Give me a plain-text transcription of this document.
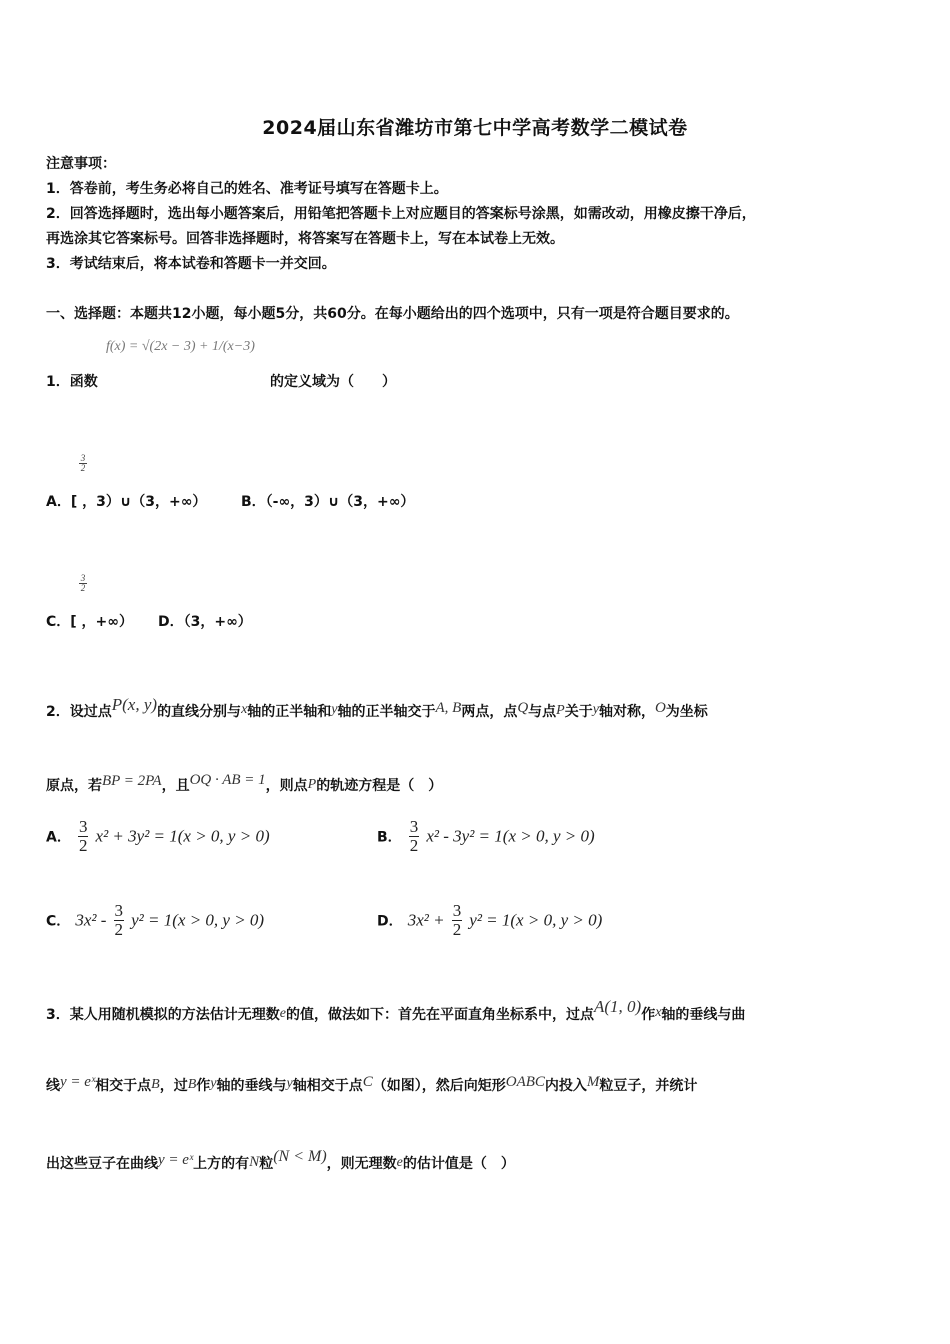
2024届山东省潍坊市第七中学高考数学二模试卷
注意事项：
1．答卷前，考生务必将自己的姓名、准考证号填写在答题卡上。
2．回答选择题时，选出每小题答案后，用铅笔把答题卡上对应题目的答案标号涂黑，如需改动，用橡皮擦干净后，
再选涂其它答案标号。回答非选择题时，将答案写在答题卡上，写在本试卷上无效。
3．考试结束后，将本试卷和答题卡一并交回。
一、选择题：本题共12小题，每小题5分，共60分。在每小题给出的四个选项中，只有一项是符合题目要求的。
f(x) = √(2x − 3) + 1/(x−3)
1．函数	的定义域为（　　）
$\frac{3}{2}$
A．[ ，3）∪（3，+∞） B．（-∞，3）∪（3，+∞）
$\frac{3}{2}$
C．[ ，+∞） D．（3，+∞）
2．设过点P(x, y)的直线分别与x轴的正半轴和y轴的正半轴交于A, B两点，点Q与点P关于y轴对称，O为坐标
原点，若BP = 2PA，且OQ · AB = 1，则点P的轨迹方程是（　）
A． $\frac{3}{2} x^2 + 3y^2 = 1(x > 0$, y > 0)	B． $\frac{3}{2} x^2 - 3y^2 = 1(x > 0$, y > 0)
C． $3x^2 - \frac{3}{2} y^2 = 1(x > 0$, y > 0)	D． $3x^2 + \frac{3}{2} y^2 = 1(x > 0$, y > 0)
3．某人用随机模拟的方法估计无理数e的值，做法如下：首先在平面直角坐标系中，过点A(1, 0)作x轴的垂线与曲
线y = eˣ相交于点B，过B作y轴的垂线与y轴相交于点C（如图），然后向矩形OABC内投入M粒豆子，并统计
出这些豆子在曲线y = eˣ上方的有N粒(N < M)，则无理数e的估计值是（　）
